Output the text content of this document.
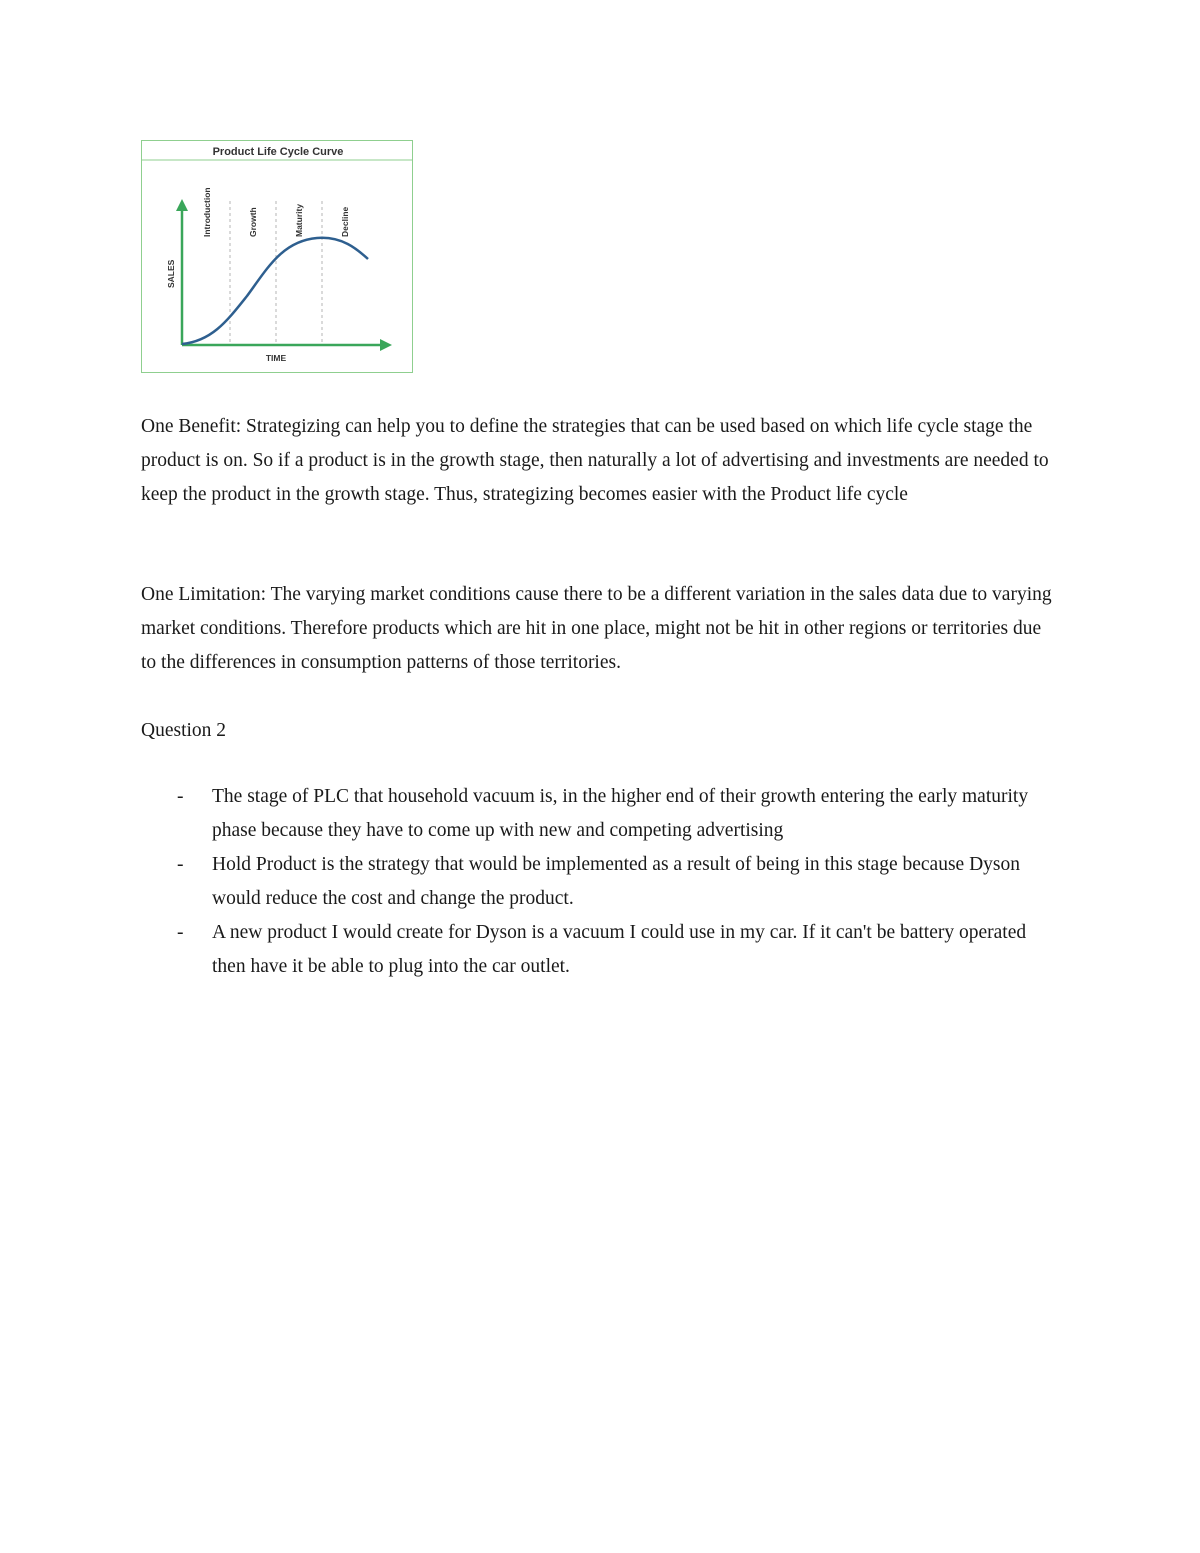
Product Life Cycle Curve
Introduction	Growth	Maturity	Decline
SALES
TIME

One Benefit: Strategizing can help you to define the strategies that can be used based on which life cycle stage the product is on. So if a product is in the growth stage, then naturally a lot of advertising and investments are needed to keep the product in the growth stage. Thus, strategizing becomes easier with the Product life cycle

One Limitation: The varying market conditions cause there to be a different variation in the sales data due to varying market conditions. Therefore products which are hit in one place, might not be hit in other regions or territories due to the differences in consumption patterns of those territories.

Question 2

- The stage of PLC that household vacuum is, in the higher end of their growth entering the early maturity phase because they have to come up with new and competing advertising
- Hold Product is the strategy that would be implemented as a result of being in this stage because Dyson would reduce the cost and change the product.
- A new product I would create for Dyson is a vacuum I could use in my car. If it can't be battery operated then have it be able to plug into the car outlet.
